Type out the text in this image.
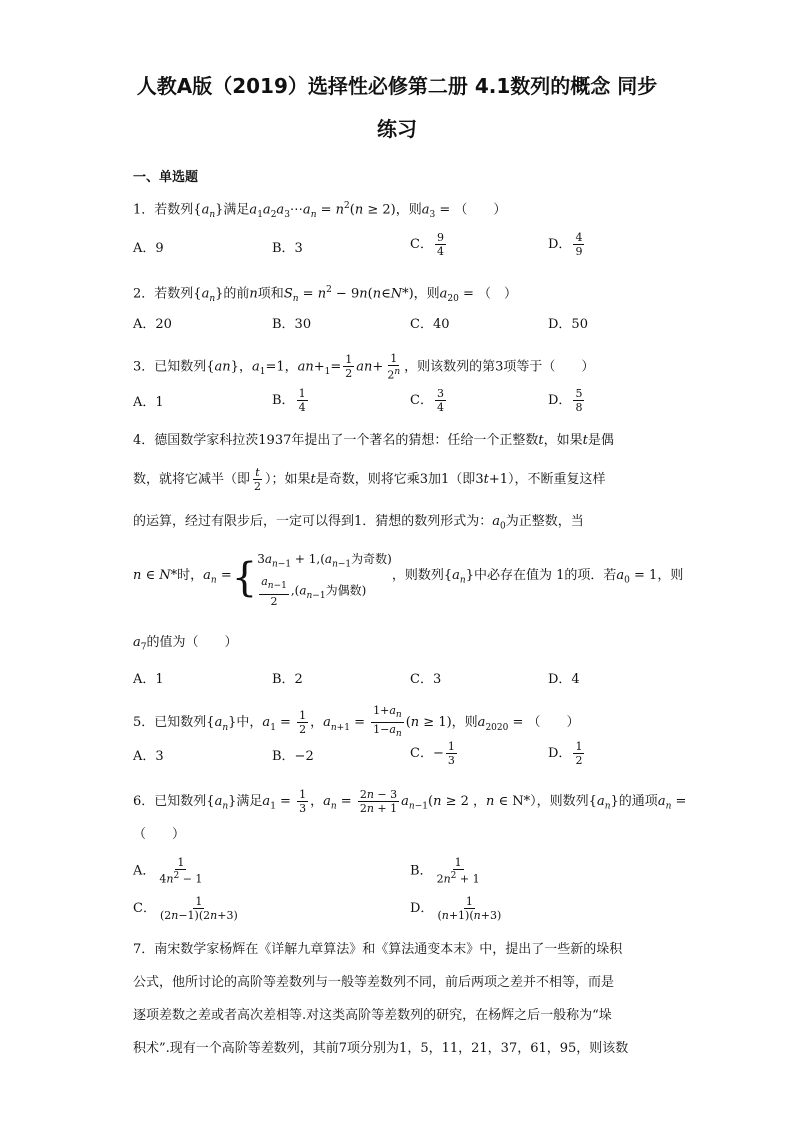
人教A版（2019）选择性必修第二册 4.1数列的概念 同步
练习
一、单选题
1．若数列$\{a_n\}$满足$a_1a_2a_3\cdots a_n = n^2(n \ge 2)$，则$a_3$ = （　　）
A．9	B．3	C． $\frac{9}{4}$	D． $\frac{4}{9}$
2．若数列$\{a_n\}$的前n项和$S_n = n^2$ − 9n(n∈N*)，则$a_{20}$ = （　）
A．20	B．30	C．40	D．50
3．已知数列{an}，$a_1=1$，$an+_1= \frac{1}{2} an+ \frac{1}{2^n}$ ，则该数列的第3项等于（　　）
A．1	B． $\frac{1}{4}$	C． $\frac{3}{4}$	D． $\frac{5}{8}$
4．德国数学家科拉茨1937年提出了一个著名的猜想：任给一个正整数t，如果t是偶
数，就将它减半（即 $\frac{t}{2}$ ）；如果t是奇数，则将它乘3加1（即3t+1），不断重复这样
的运算，经过有限步后，一定可以得到1．猜想的数列形式为：$a_0$为正整数，当
n ∈ N*时，$a_n$ = { $3a_{n-1} + 1,(a_{n-1}$为奇数)
$\frac{a_{n-1}}{2} ,(a_{n-1}$为偶数)
，则数列$\{a_n\}$中必存在值为 1的项．若$a_0 = 1$，则
$a_7$的值为（　　）
A．1	B．2	C．3	D．4
5．已知数列$\{a_n\}$中，$a_1 = \frac{1}{2}$ ，$a_{n+1} = \frac{1+a_n}{1-a_n} (n \ge 1)$，则$a_{2020}$ = （　　）
A．3	B．−2	C．− $\frac{1}{3}$	D． $\frac{1}{2}$
6．已知数列$\{a_n\}$满足$a_1 = \frac{1}{3}$ ，$a_n = \frac{2n - 3}{2n + 1} a_{n-1}(n \ge 2$ ，n ∈ N*），则数列$\{a_n\}$的通项$a_n$ =
（　　）
A． $\frac{1}{4n^2 - 1}$	B． $\frac{1}{2n^2 + 1}$
C． $\frac{1}{(2n-1)(2n+3)}$	D． $\frac{1}{(n+1)(n+3)}$
7．南宋数学家杨辉在《详解九章算法》和《算法通变本末》中，提出了一些新的垛积
公式，他所讨论的高阶等差数列与一般等差数列不同，前后两项之差并不相等，而是
逐项差数之差或者高次差相等.对这类高阶等差数列的研究，在杨辉之后一般称为“垛
积术”.现有一个高阶等差数列，其前7项分别为1，5，11，21，37，61，95，则该数
